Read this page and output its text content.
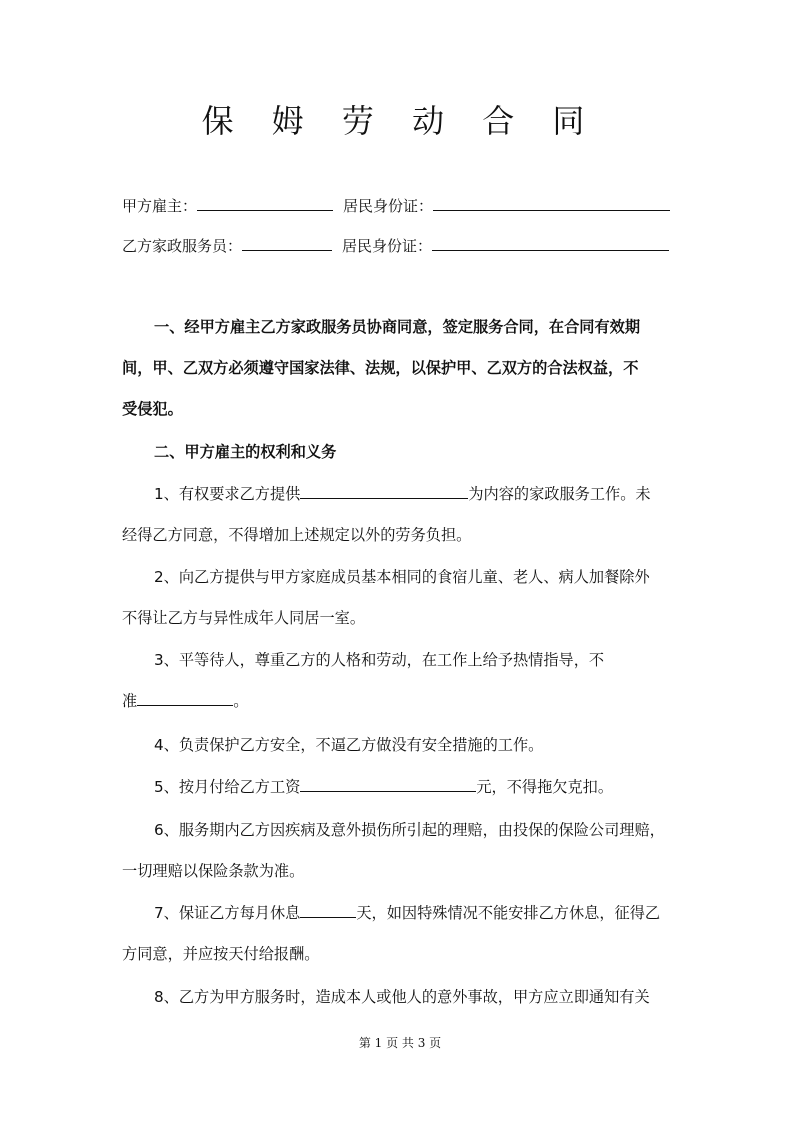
保 姆 劳 动 合 同
甲方雇主：	居民身份证：
乙方家政服务员：	居民身份证：

一、经甲方雇主乙方家政服务员协商同意，签定服务合同，在合同有效期

间，甲、乙双方必须遵守国家法律、法规，以保护甲、乙双方的合法权益，不

受侵犯。

二、甲方雇主的权利和义务

1、有权要求乙方提供	为内容的家政服务工作。未

经得乙方同意，不得增加上述规定以外的劳务负担。

2、向乙方提供与甲方家庭成员基本相同的食宿儿童、老人、病人加餐除外

不得让乙方与异性成年人同居一室。

3、平等待人，尊重乙方的人格和劳动，在工作上给予热情指导，不

准	。

4、负责保护乙方安全，不逼乙方做没有安全措施的工作。

5、按月付给乙方工资	元，不得拖欠克扣。

6、服务期内乙方因疾病及意外损伤所引起的理赔，由投保的保险公司理赔，

一切理赔以保险条款为准。

7、保证乙方每月休息	天，如因特殊情况不能安排乙方休息，征得乙

方同意，并应按天付给报酬。

8、乙方为甲方服务时，造成本人或他人的意外事故，甲方应立即通知有关

第 1 页 共 3 页
